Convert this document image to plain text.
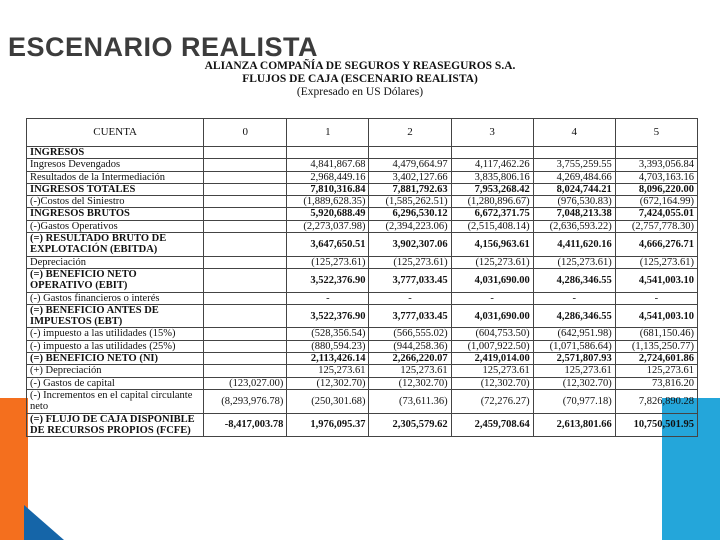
ESCENARIO REALISTA
ALIANZA COMPAÑÍA DE SEGUROS Y REASEGUROS S.A.
FLUJOS DE CAJA (ESCENARIO REALISTA)
(Expresado en US Dólares)
CUENTA	0	1	2	3	4	5
INGRESOS						
Ingresos Devengados		4,841,867.68	4,479,664.97	4,117,462.26	3,755,259.55	3,393,056.84
Resultados de la Intermediación		2,968,449.16	3,402,127.66	3,835,806.16	4,269,484.66	4,703,163.16
INGRESOS TOTALES		7,810,316.84	7,881,792.63	7,953,268.42	8,024,744.21	8,096,220.00
(-)Costos del Siniestro		(1,889,628.35)	(1,585,262.51)	(1,280,896.67)	(976,530.83)	(672,164.99)
INGRESOS BRUTOS		5,920,688.49	6,296,530.12	6,672,371.75	7,048,213.38	7,424,055.01
(-)Gastos Operativos		(2,273,037.98)	(2,394,223.06)	(2,515,408.14)	(2,636,593.22)	(2,757,778.30)
(=) RESULTADO BRUTO DE EXPLOTACIÓN (EBITDA)		3,647,650.51	3,902,307.06	4,156,963.61	4,411,620.16	4,666,276.71
Depreciación		(125,273.61)	(125,273.61)	(125,273.61)	(125,273.61)	(125,273.61)
(=) BENEFICIO NETO OPERATIVO (EBIT)		3,522,376.90	3,777,033.45	4,031,690.00	4,286,346.55	4,541,003.10
(-) Gastos financieros o interés		-	-	-	-	-
(=) BENEFICIO ANTES DE IMPUESTOS (EBT)		3,522,376.90	3,777,033.45	4,031,690.00	4,286,346.55	4,541,003.10
(-) impuesto a las utilidades (15%)		(528,356.54)	(566,555.02)	(604,753.50)	(642,951.98)	(681,150.46)
(-) impuesto a las utilidades (25%)		(880,594.23)	(944,258.36)	(1,007,922.50)	(1,071,586.64)	(1,135,250.77)
(=) BENEFICIO NETO (NI)		2,113,426.14	2,266,220.07	2,419,014.00	2,571,807.93	2,724,601.86
(+) Depreciación		125,273.61	125,273.61	125,273.61	125,273.61	125,273.61
(-) Gastos de capital	(123,027.00)	(12,302.70)	(12,302.70)	(12,302.70)	(12,302.70)	73,816.20
(-) Incrementos en el capital circulante neto	(8,293,976.78)	(250,301.68)	(73,611.36)	(72,276.27)	(70,977.18)	7,826,890.28
(=) FLUJO DE CAJA DISPONIBLE DE RECURSOS PROPIOS (FCFE)	-8,417,003.78	1,976,095.37	2,305,579.62	2,459,708.64	2,613,801.66	10,750,501.95
